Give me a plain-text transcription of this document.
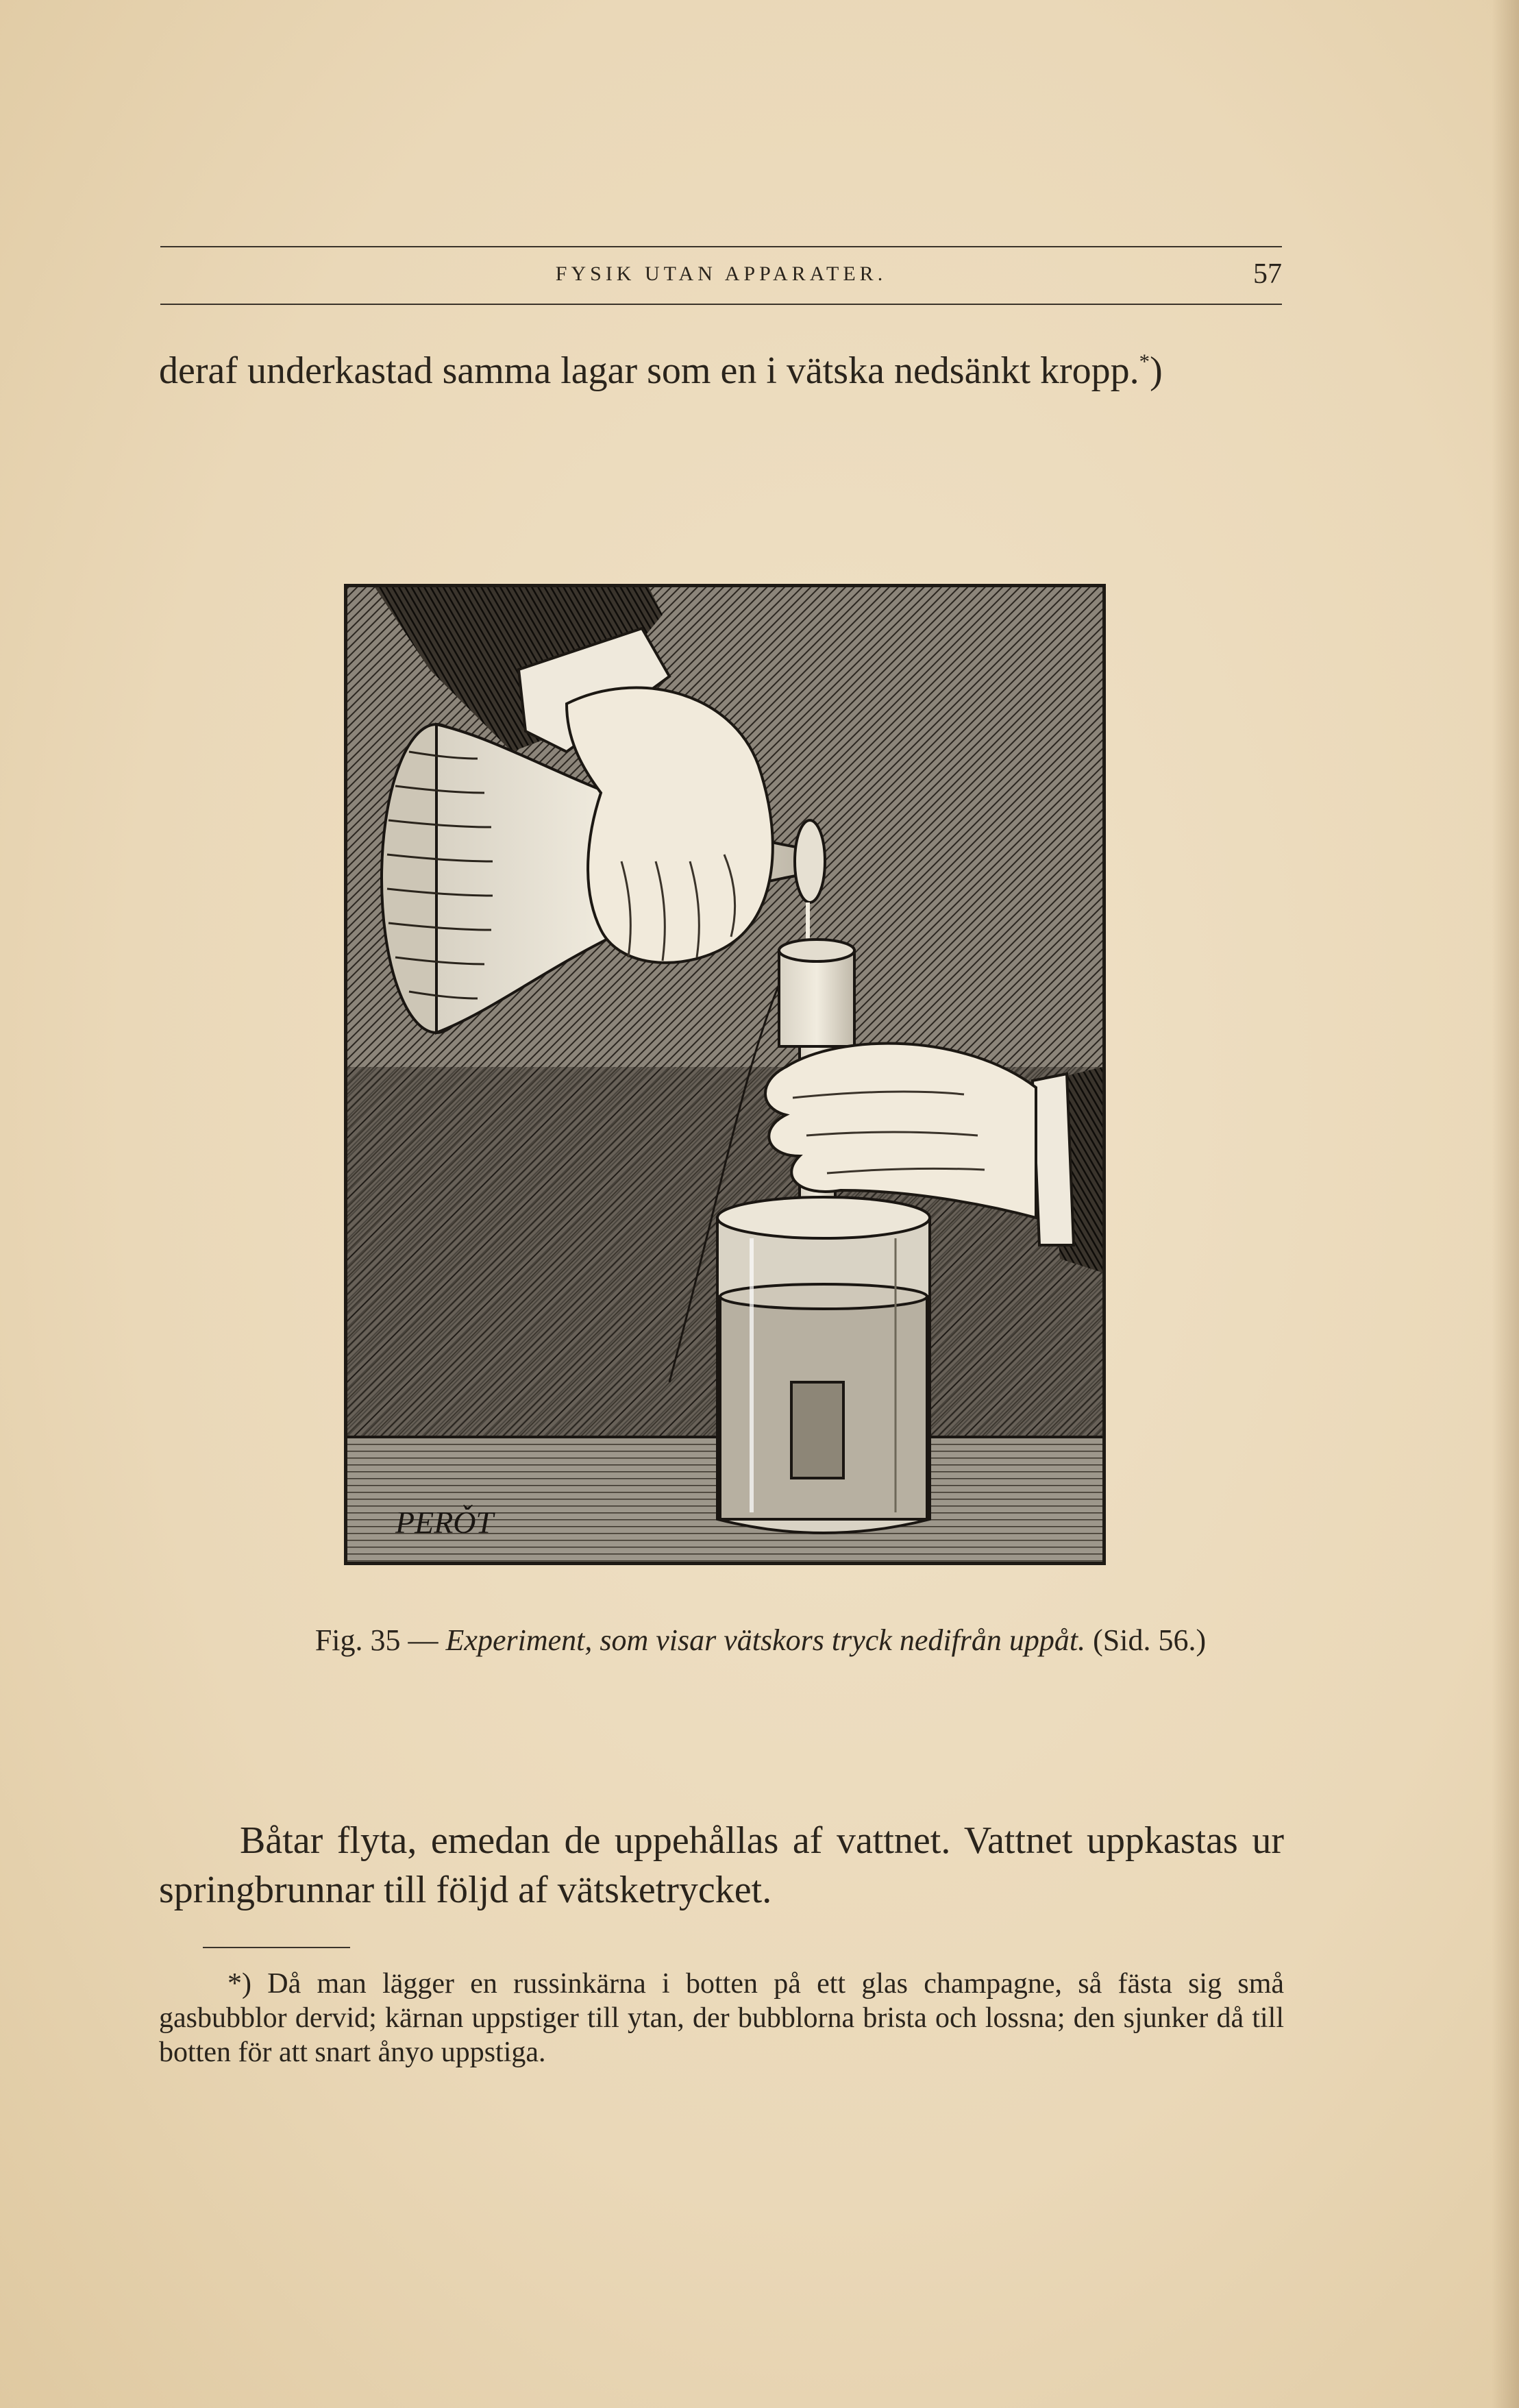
FYSIK UTAN APPARATER.	57

deraf underkastad samma lagar som en i vätska nedsänkt kropp.*)

PERǑT
Fig. 35 — Experiment, som visar vätskors tryck nedifrån uppåt. (Sid. 56.)

Båtar flyta, emedan de uppehållas af vattnet. Vattnet uppkastas ur springbrunnar till följd af vätsketrycket.

*) Då man lägger en russinkärna i botten på ett glas champagne, så fästa sig små gasbubblor dervid; kärnan uppstiger till ytan, der bubblorna brista och lossna; den sjunker då till botten för att snart ånyo uppstiga.
